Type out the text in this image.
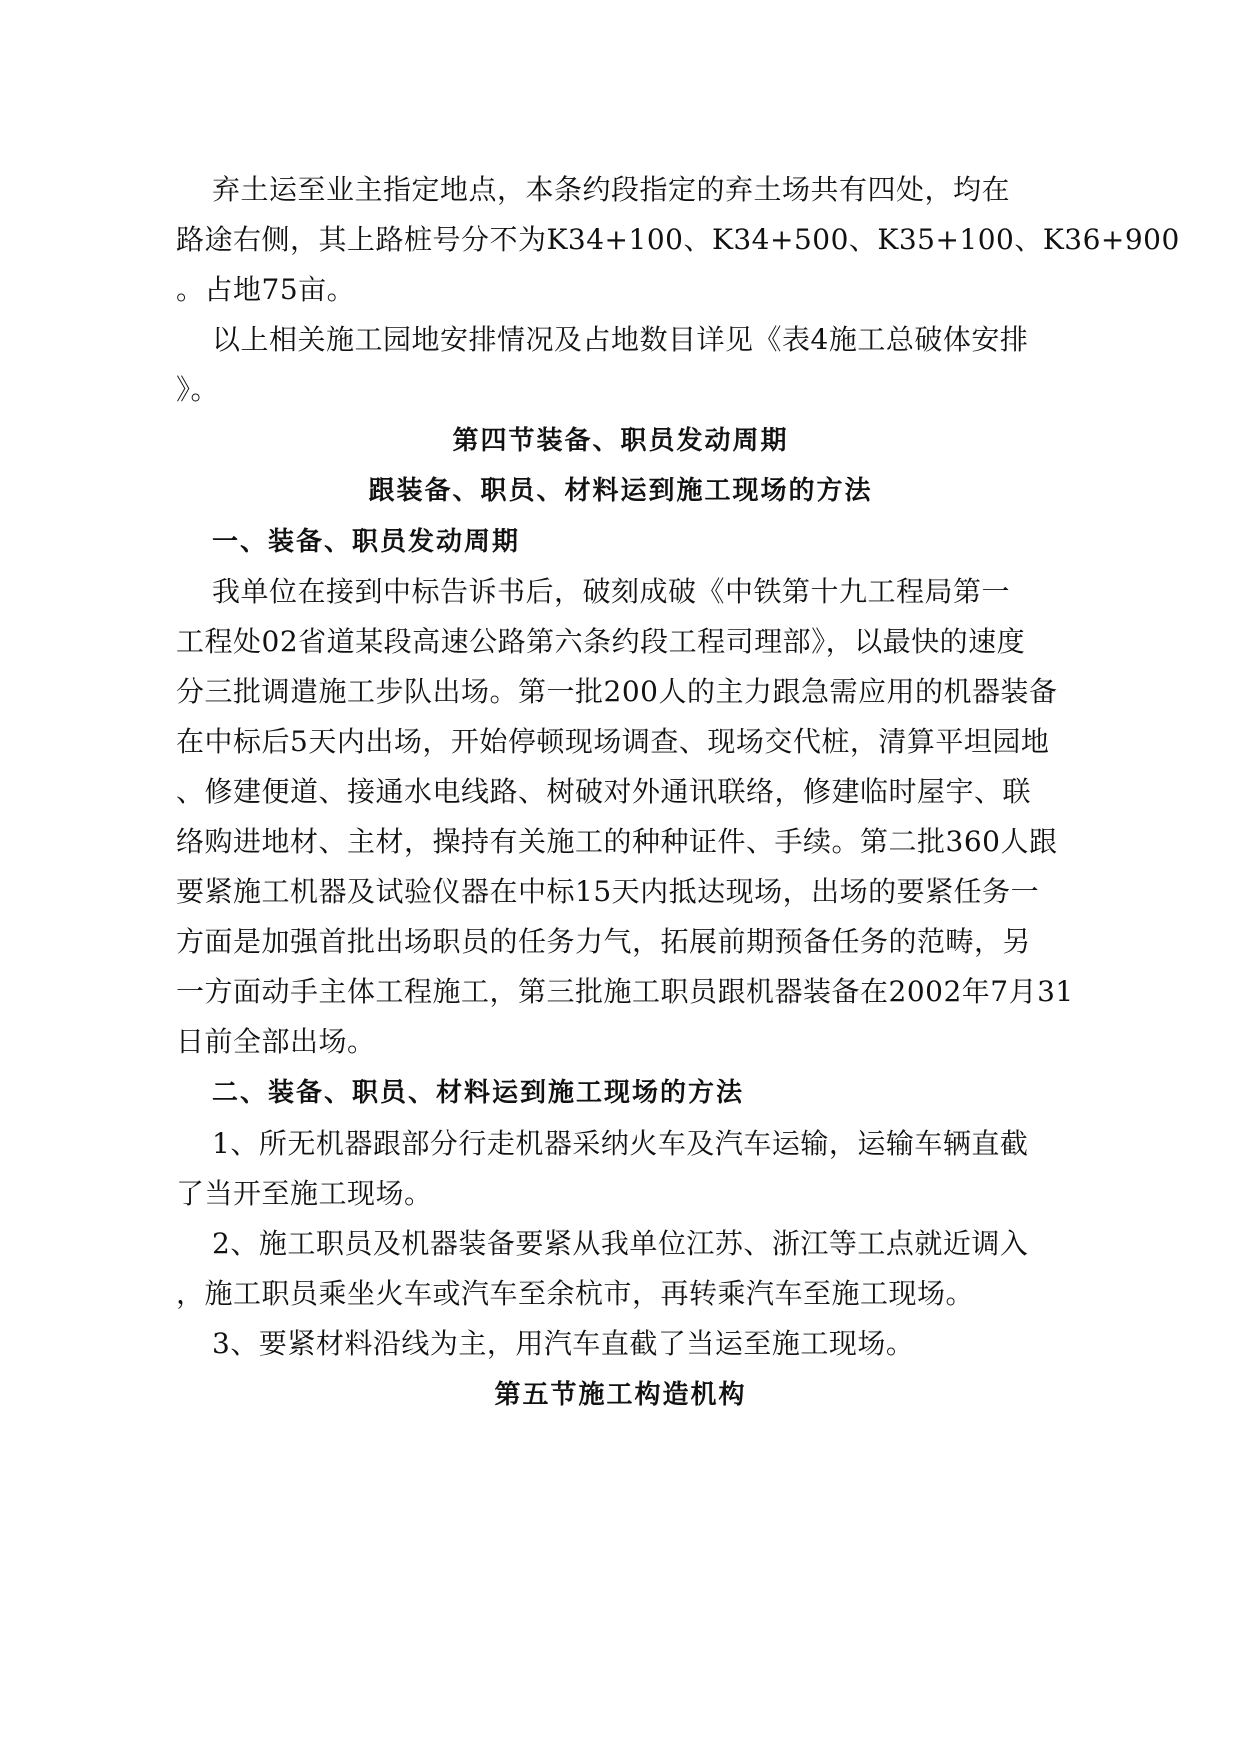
弃土运至业主指定地点，本条约段指定的弃土场共有四处，均在
路途右侧，其上路桩号分不为K34+100、K34+500、K35+100、K36+900
。占地75亩。
以上相关施工园地安排情况及占地数目详见《表4施工总破体安排
》。
第四节装备、职员发动周期
跟装备、职员、材料运到施工现场的方法
一、装备、职员发动周期
我单位在接到中标告诉书后，破刻成破《中铁第十九工程局第一
工程处02省道某段高速公路第六条约段工程司理部》，以最快的速度
分三批调遣施工步队出场。第一批200人的主力跟急需应用的机器装备
在中标后5天内出场，开始停顿现场调查、现场交代桩，清算平坦园地
、修建便道、接通水电线路、树破对外通讯联络，修建临时屋宇、联
络购进地材、主材，操持有关施工的种种证件、手续。第二批360人跟
要紧施工机器及试验仪器在中标15天内抵达现场，出场的要紧任务一
方面是加强首批出场职员的任务力气，拓展前期预备任务的范畴，另
一方面动手主体工程施工，第三批施工职员跟机器装备在2002年7月31
日前全部出场。
二、装备、职员、材料运到施工现场的方法
1、所无机器跟部分行走机器采纳火车及汽车运输，运输车辆直截
了当开至施工现场。
2、施工职员及机器装备要紧从我单位江苏、浙江等工点就近调入
，施工职员乘坐火车或汽车至余杭市，再转乘汽车至施工现场。
3、要紧材料沿线为主，用汽车直截了当运至施工现场。
第五节施工构造机构
